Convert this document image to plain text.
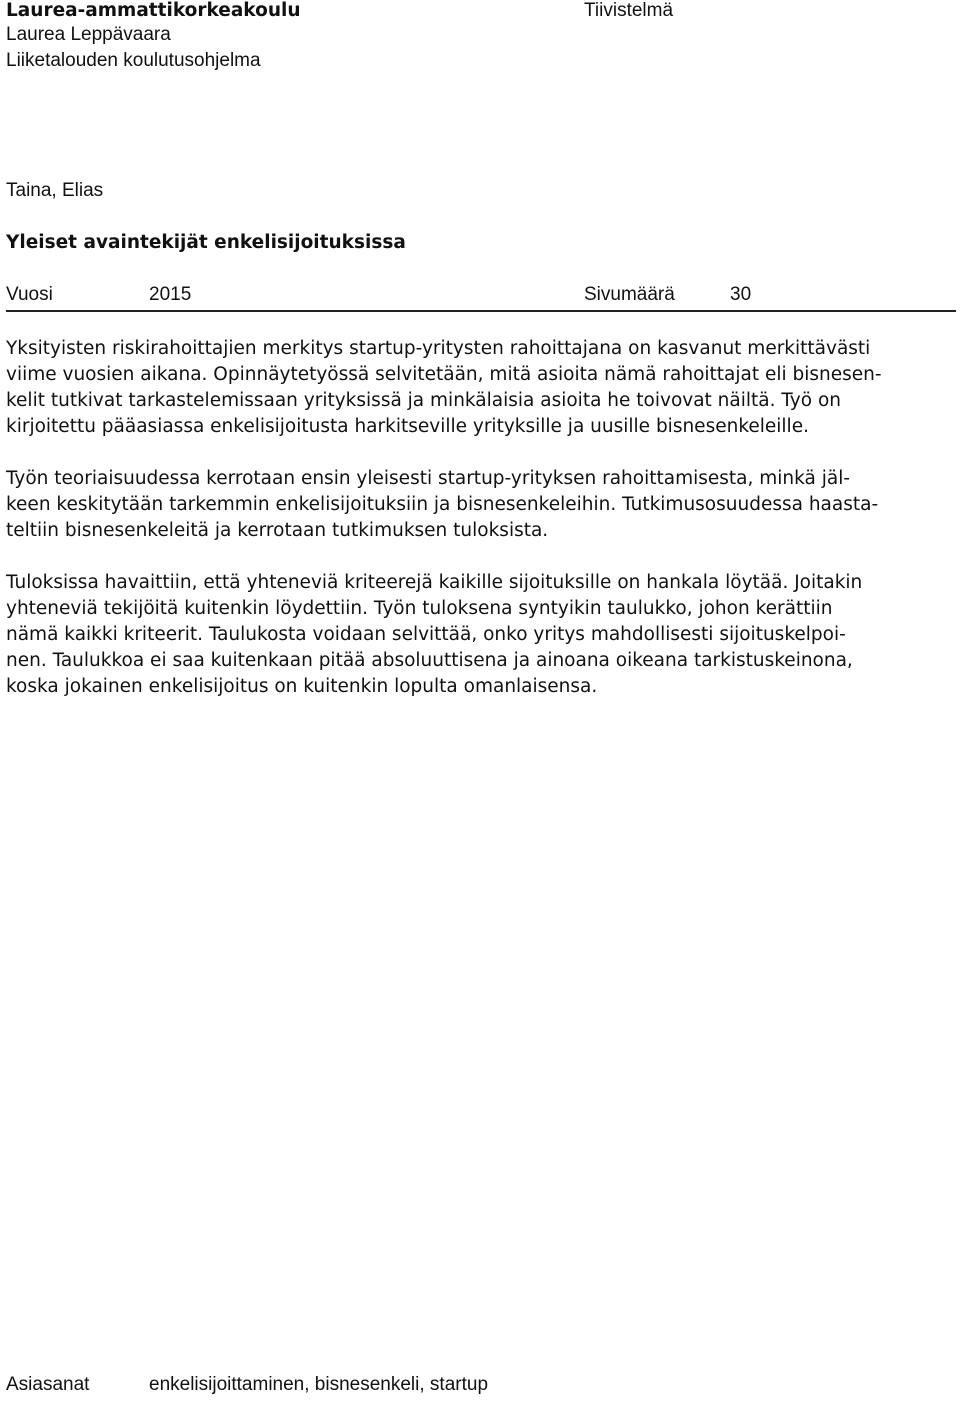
Laurea-ammattikorkeakoulu	Tiivistelmä
Laurea Leppävaara
Liiketalouden koulutusohjelma
Taina, Elias
Yleiset avaintekijät enkelisijoituksissa
Vuosi	2015	Sivumäärä	30

Yksityisten riskirahoittajien merkitys startup-yritysten rahoittajana on kasvanut merkittävästi
viime vuosien aikana. Opinnäytetyössä selvitetään, mitä asioita nämä rahoittajat eli bisnesen-
kelit tutkivat tarkastelemissaan yrityksissä ja minkälaisia asioita he toivovat näiltä. Työ on
kirjoitettu pääasiassa enkelisijoitusta harkitseville yrityksille ja uusille bisnesenkeleille.

Työn teoriaisuudessa kerrotaan ensin yleisesti startup-yrityksen rahoittamisesta, minkä jäl-
keen keskitytään tarkemmin enkelisijoituksiin ja bisnesenkeleihin. Tutkimusosuudessa haasta-
teltiin bisnesenkeleitä ja kerrotaan tutkimuksen tuloksista.

Tuloksissa havaittiin, että yhteneviä kriteerejä kaikille sijoituksille on hankala löytää. Joitakin
yhteneviä tekijöitä kuitenkin löydettiin. Työn tuloksena syntyikin taulukko, johon kerättiin
nämä kaikki kriteerit. Taulukosta voidaan selvittää, onko yritys mahdollisesti sijoituskelpoi-
nen. Taulukkoa ei saa kuitenkaan pitää absoluuttisena ja ainoana oikeana tarkistuskeinona,
koska jokainen enkelisijoitus on kuitenkin lopulta omanlaisensa.

Asiasanat	enkelisijoittaminen, bisnesenkeli, startup
